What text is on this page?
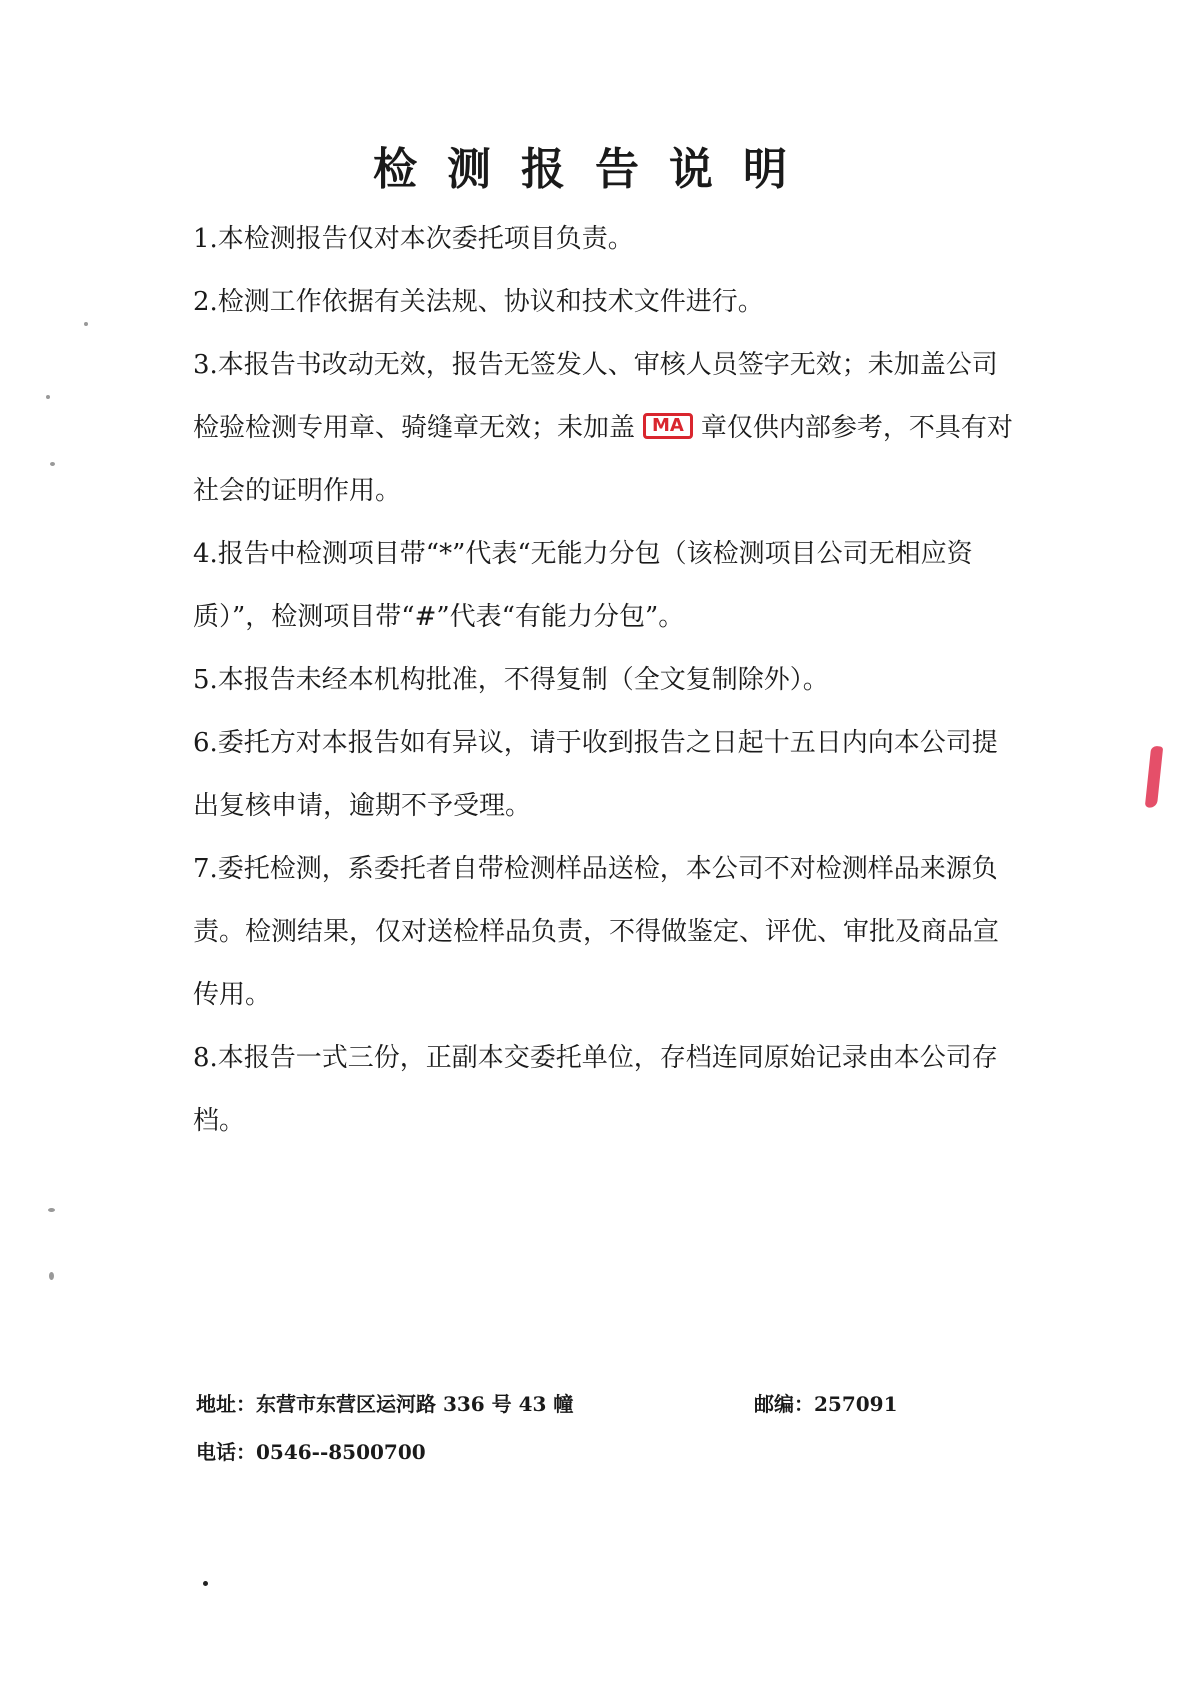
检测报告说明

1.本检测报告仅对本次委托项目负责。

2.检测工作依据有关法规、协议和技术文件进行。

3.本报告书改动无效，报告无签发人、审核人员签字无效；未加盖公司检验检测专用章、骑缝章无效；未加盖 MA 章仅供内部参考，不具有对社会的证明作用。

4.报告中检测项目带“*”代表“无能力分包（该检测项目公司无相应资质）”，检测项目带“#”代表“有能力分包”。

5.本报告未经本机构批准，不得复制（全文复制除外）。

6.委托方对本报告如有异议，请于收到报告之日起十五日内向本公司提出复核申请，逾期不予受理。

7.委托检测，系委托者自带检测样品送检，本公司不对检测样品来源负责。检测结果，仅对送检样品负责，不得做鉴定、评优、审批及商品宣传用。

8.本报告一式三份，正副本交委托单位，存档连同原始记录由本公司存档。

地址：东营市东营区运河路 336 号 43 幢	邮编：257091
电话：0546--8500700
